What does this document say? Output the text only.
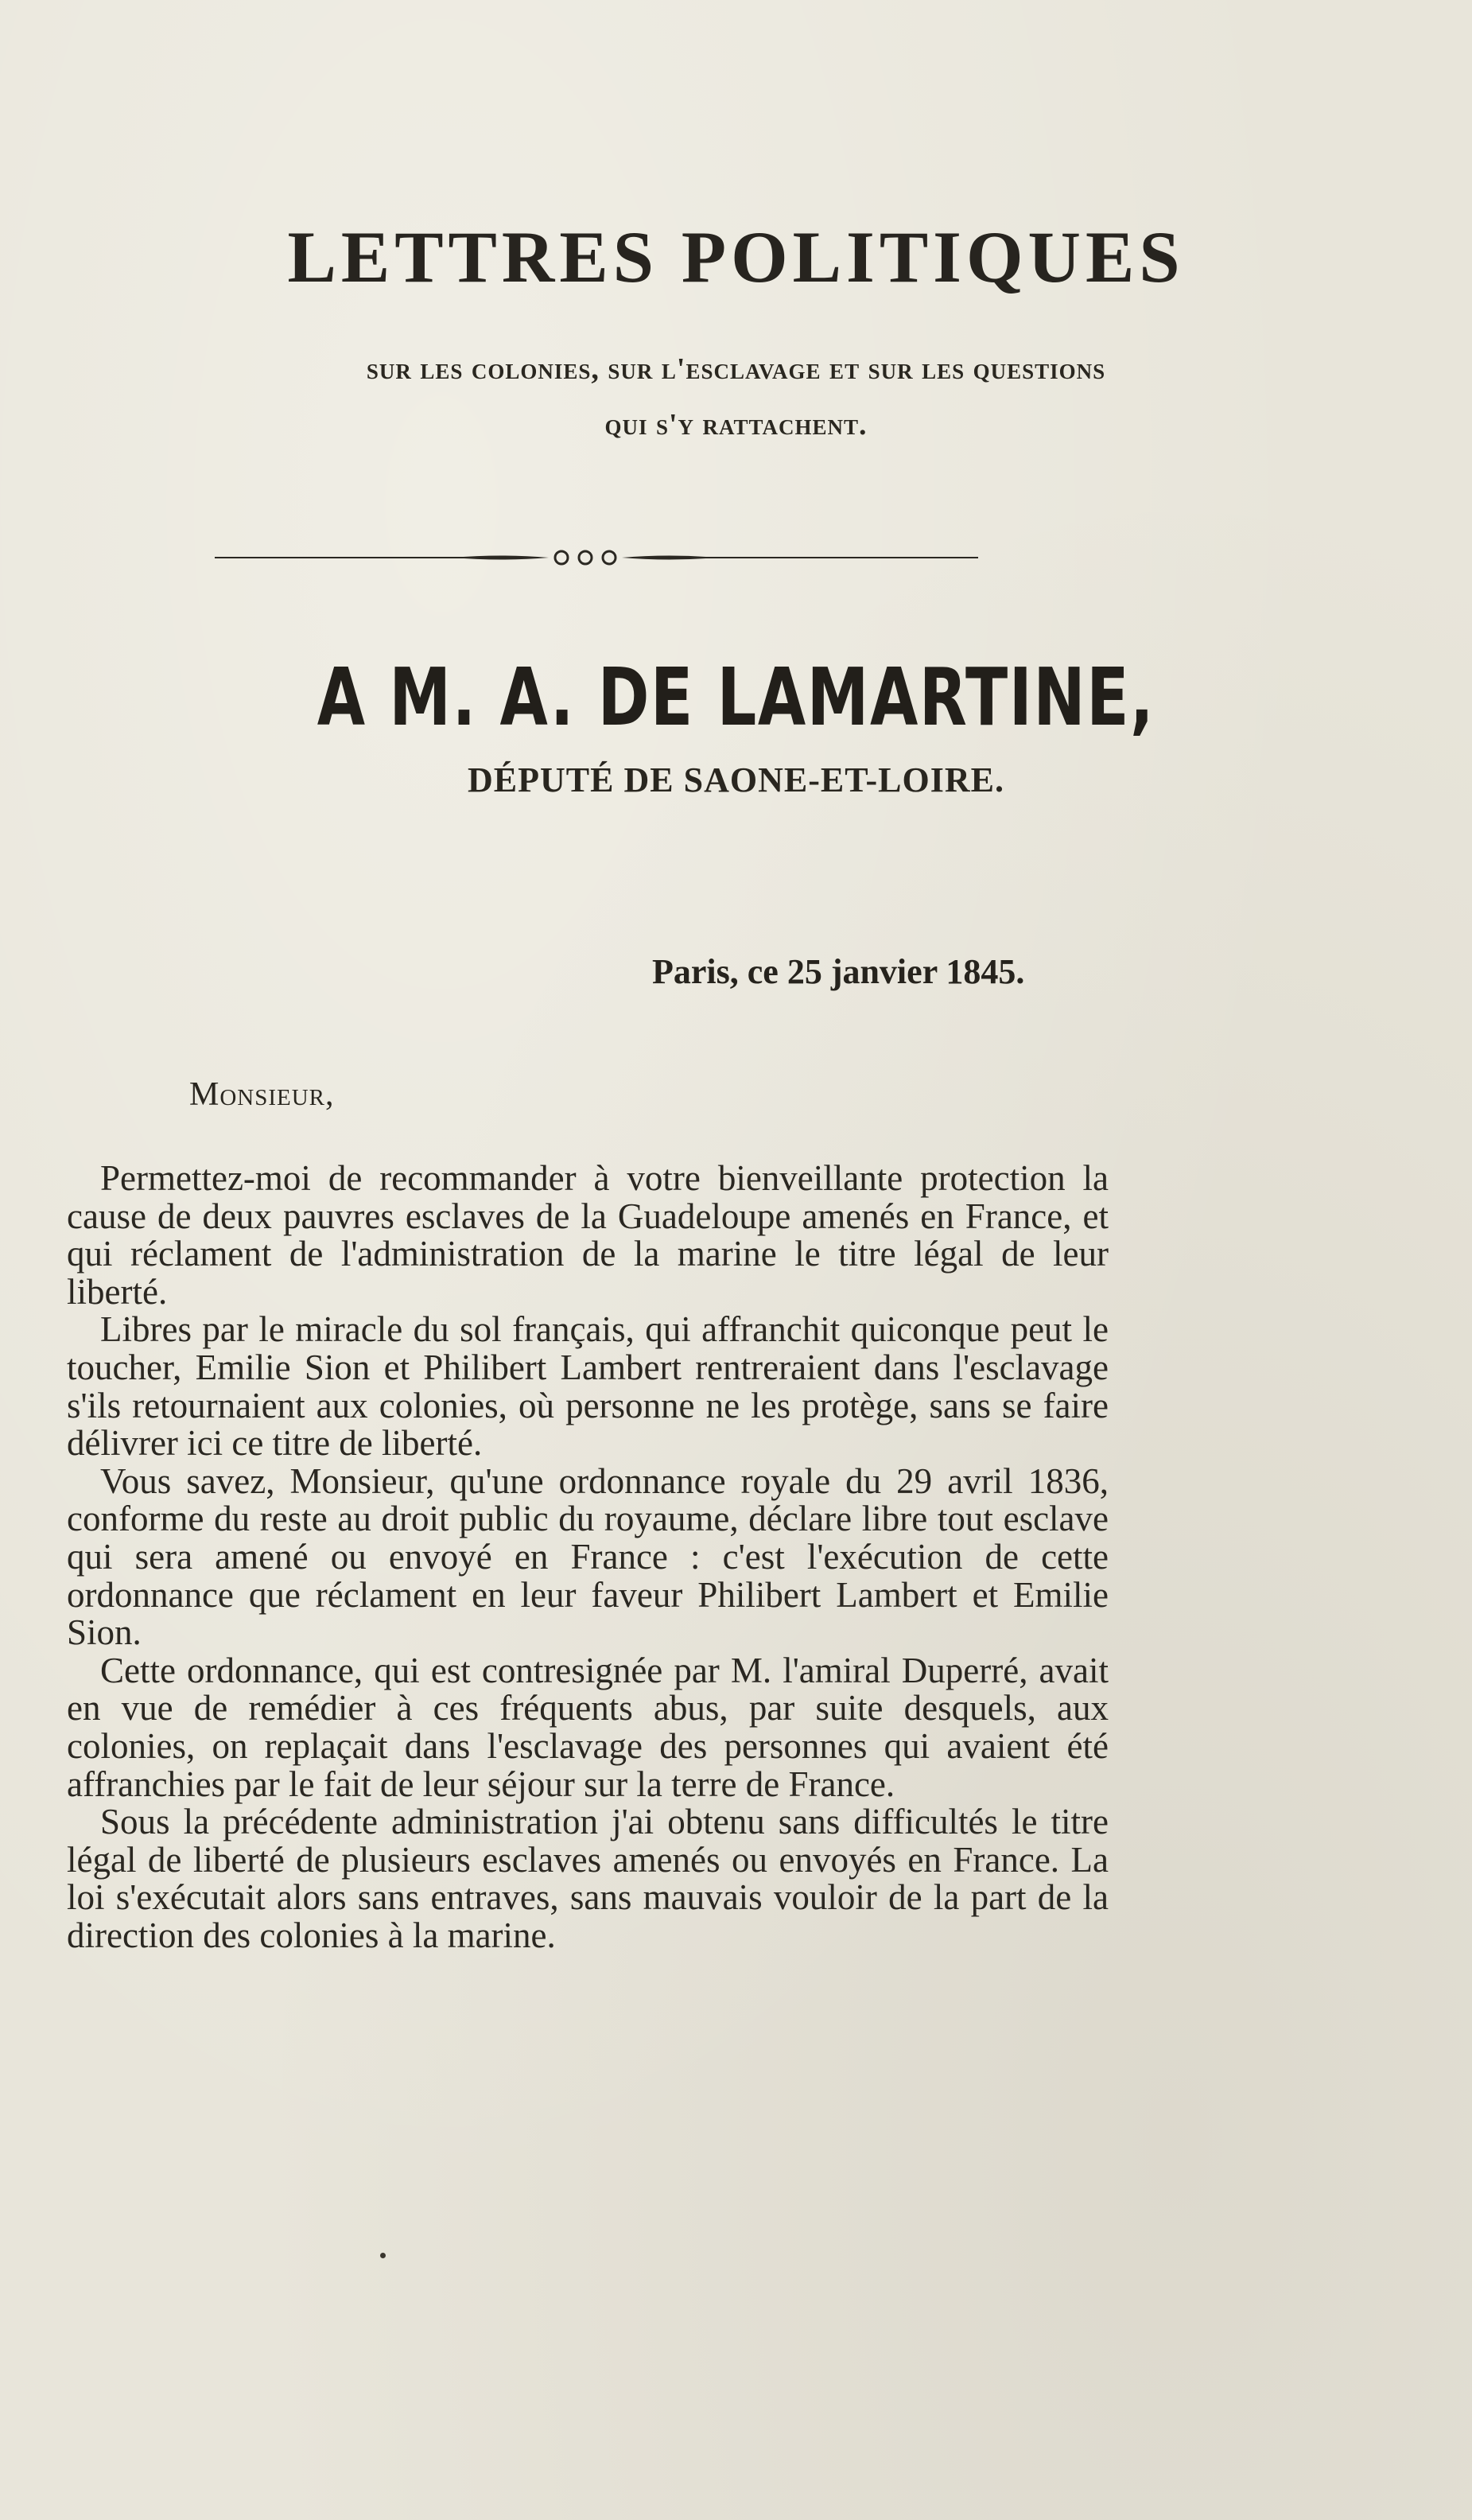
LETTRES POLITIQUES
sur les colonies, sur l'esclavage et sur les questions
qui s'y rattachent.
A M. A. DE LAMARTINE,
DÉPUTÉ DE SAONE-ET-LOIRE.
Paris, ce 25 janvier 1845.
Monsieur,

Permettez-moi de recommander à votre bienveillante protection la cause de deux pauvres esclaves de la Guadeloupe amenés en France, et qui réclament de l'administration de la marine le titre légal de leur liberté.

Libres par le miracle du sol français, qui affranchit quiconque peut le toucher, Emilie Sion et Philibert Lambert rentreraient dans l'esclavage s'ils retournaient aux colonies, où personne ne les protège, sans se faire délivrer ici ce titre de liberté.

Vous savez, Monsieur, qu'une ordonnance royale du 29 avril 1836, conforme du reste au droit public du royaume, déclare libre tout esclave qui sera amené ou envoyé en France : c'est l'exécution de cette ordonnance que réclament en leur faveur Philibert Lambert et Emilie Sion.

Cette ordonnance, qui est contresignée par M. l'amiral Duperré, avait en vue de remédier à ces fréquents abus, par suite desquels, aux colonies, on replaçait dans l'esclavage des personnes qui avaient été affranchies par le fait de leur séjour sur la terre de France.

Sous la précédente administration j'ai obtenu sans difficultés le titre légal de liberté de plusieurs esclaves amenés ou envoyés en France. La loi s'exécutait alors sans entraves, sans mauvais vouloir de la part de la direction des colonies à la marine.
